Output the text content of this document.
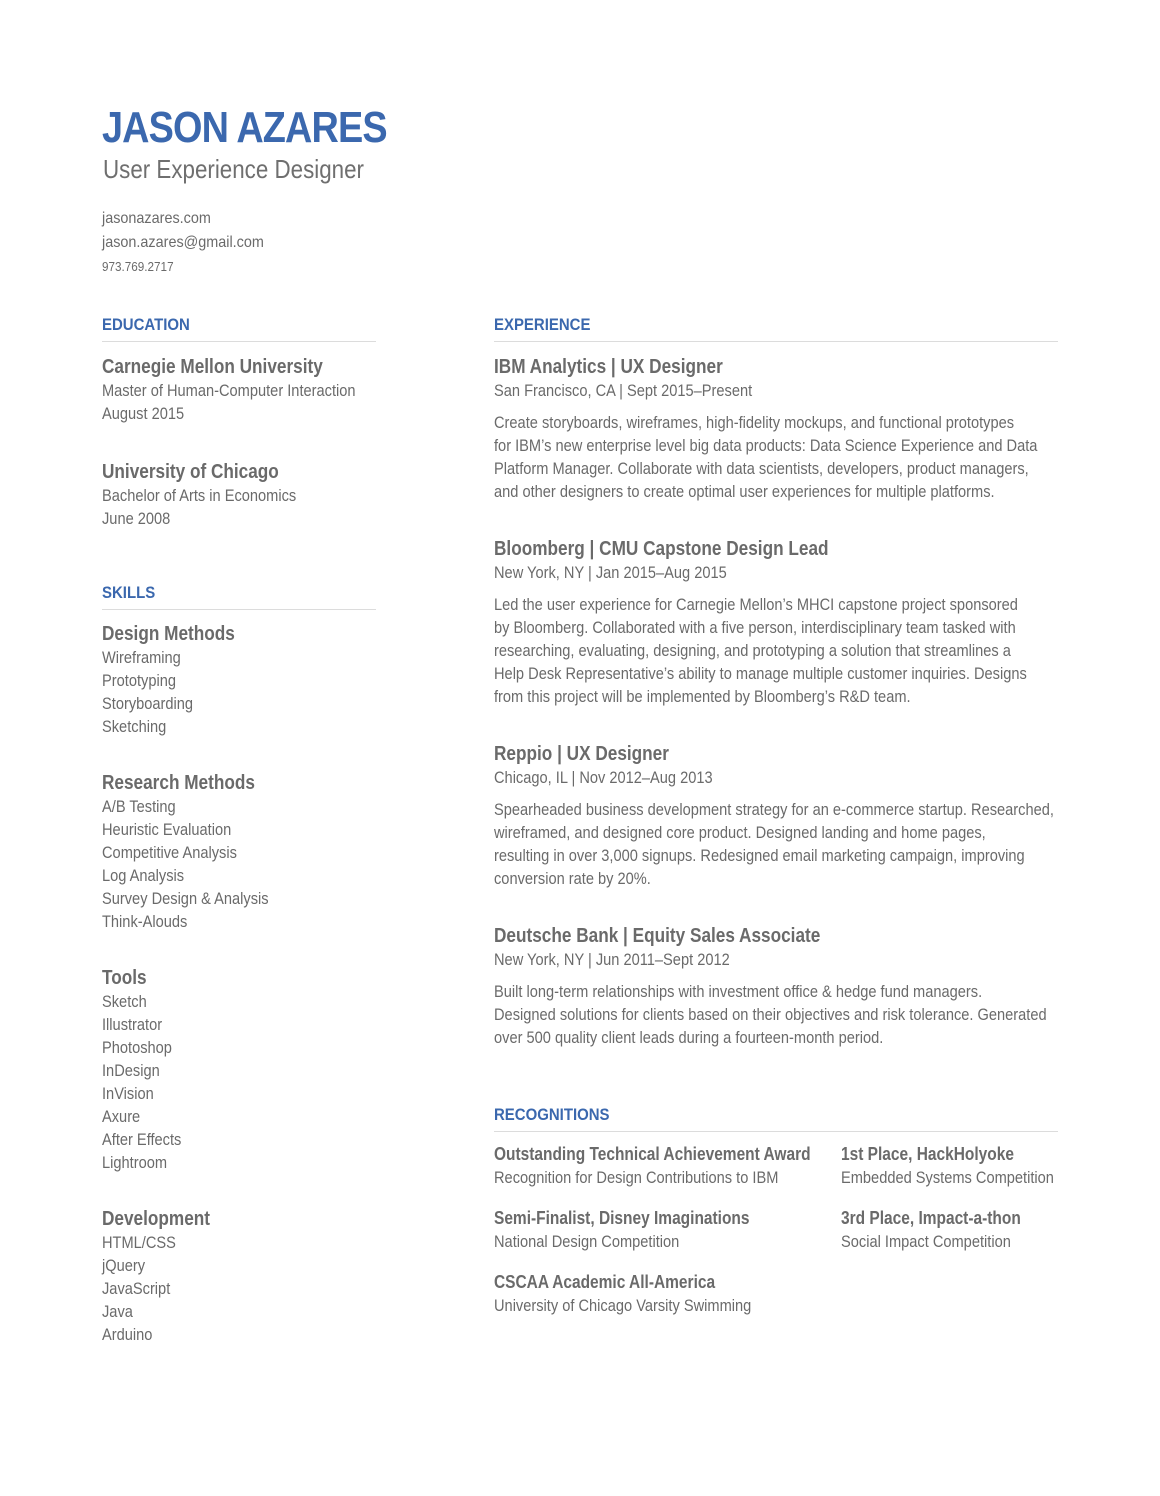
JASON AZARES
User Experience Designer
jasonazares.com
jason.azares@gmail.com
973.769.2717
EDUCATION
Carnegie Mellon University
Master of Human-Computer Interaction
August 2015
University of Chicago
Bachelor of Arts in Economics
June 2008
SKILLS
Design Methods
Wireframing
Prototyping
Storyboarding
Sketching
Research Methods
A/B Testing
Heuristic Evaluation
Competitive Analysis
Log Analysis
Survey Design & Analysis
Think-Alouds
Tools
Sketch
Illustrator
Photoshop
InDesign
InVision
Axure
After Effects
Lightroom
Development
HTML/CSS
jQuery
JavaScript
Java
Arduino
EXPERIENCE
IBM Analytics | UX Designer
San Francisco, CA | Sept 2015–Present
Create storyboards, wireframes, high-fidelity mockups, and functional prototypes
for IBM’s new enterprise level big data products: Data Science Experience and Data
Platform Manager. Collaborate with data scientists, developers, product managers,
and other designers to create optimal user experiences for multiple platforms.
Bloomberg | CMU Capstone Design Lead
New York, NY | Jan 2015–Aug 2015
Led the user experience for Carnegie Mellon’s MHCI capstone project sponsored
by Bloomberg. Collaborated with a five person, interdisciplinary team tasked with
researching, evaluating, designing, and prototyping a solution that streamlines a
Help Desk Representative’s ability to manage multiple customer inquiries. Designs
from this project will be implemented by Bloomberg’s R&D team.
Reppio | UX Designer
Chicago, IL | Nov 2012–Aug 2013
Spearheaded business development strategy for an e-commerce startup. Researched,
wireframed, and designed core product. Designed landing and home pages,
resulting in over 3,000 signups. Redesigned email marketing campaign, improving
conversion rate by 20%.
Deutsche Bank | Equity Sales Associate
New York, NY | Jun 2011–Sept 2012
Built long-term relationships with investment office & hedge fund managers.
Designed solutions for clients based on their objectives and risk tolerance. Generated
over 500 quality client leads during a fourteen-month period.
RECOGNITIONS
Outstanding Technical Achievement Award
Recognition for Design Contributions to IBM
1st Place, HackHolyoke
Embedded Systems Competition
Semi-Finalist, Disney Imaginations
National Design Competition
3rd Place, Impact-a-thon
Social Impact Competition
CSCAA Academic All-America
University of Chicago Varsity Swimming
